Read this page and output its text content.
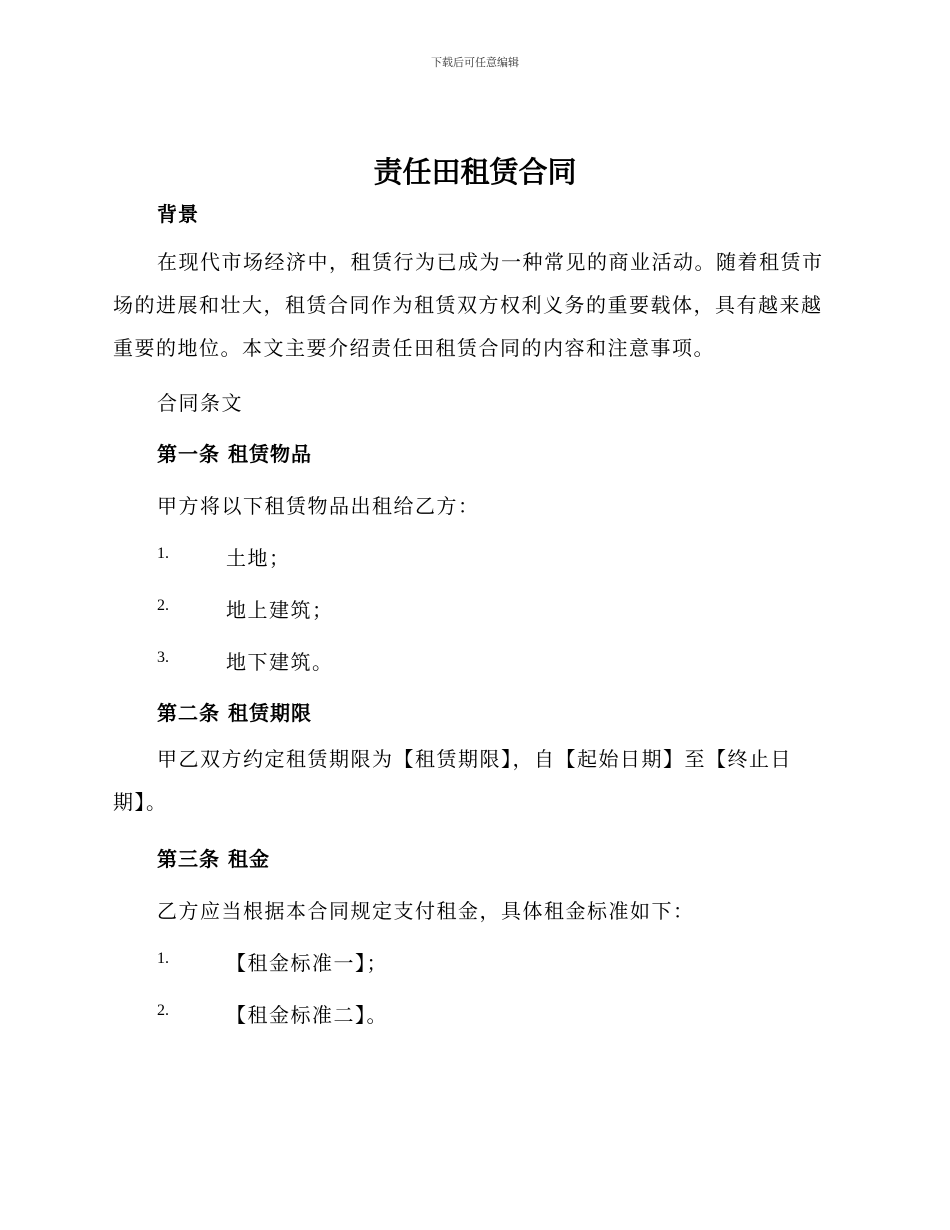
下载后可任意编辑
责任田租赁合同
背景
在现代市场经济中，租赁行为已成为一种常见的商业活动。随着租赁市场的进展和壮大，租赁合同作为租赁双方权利义务的重要载体，具有越来越重要的地位。本文主要介绍责任田租赁合同的内容和注意事项。
合同条文
第一条 租赁物品
甲方将以下租赁物品出租给乙方：
1.	土地；
2.	地上建筑；
3.	地下建筑。
第二条 租赁期限
甲乙双方约定租赁期限为【租赁期限】，自【起始日期】至【终止日期】。
第三条 租金
乙方应当根据本合同规定支付租金，具体租金标准如下：
1.	【租金标准一】；
2.	【租金标准二】。
